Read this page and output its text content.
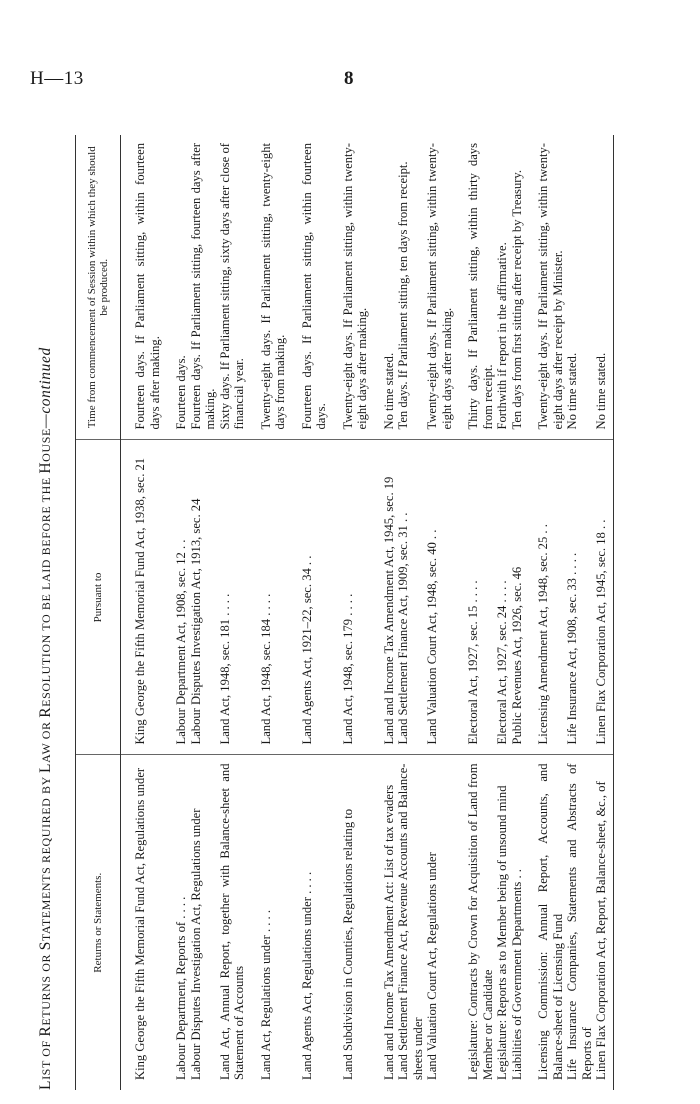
H—13	8
LIST OF RETURNS OR STATEMENTS REQUIRED BY LAW OR RESOLUTION TO BE LAID BEFORE THE HOUSE—continued
Returns or Statements.	Pursuant to	Time from commencement of Session within which they should be produced.
King George the Fifth Memorial Fund Act, Regulations under	King George the Fifth Memorial Fund Act, 1938, sec. 21	Fourteen days. If Parliament sitting, within fourteen days after making.
Labour Department, Reports of . . . .	Labour Department Act, 1908, sec. 12 . .	Fourteen days.
Labour Disputes Investigation Act, Regulations under	Labour Disputes Investigation Act, 1913, sec. 24	Fourteen days. If Parliament sitting, fourteen days after making.
Land Act, Annual Report, together with Balance-sheet and Statement of Accounts	Land Act, 1948, sec. 181 . . . .	Sixty days. If Parliament sitting, sixty days after close of financial year.
Land Act, Regulations under . . . .	Land Act, 1948, sec. 184 . . . .	Twenty-eight days. If Parliament sitting, twenty-eight days from making.
Land Agents Act, Regulations under . . . .	Land Agents Act, 1921–22, sec. 34 . .	Fourteen days. If Parliament sitting, within fourteen days.
Land Subdivision in Counties, Regulations relating to	Land Act, 1948, sec. 179 . . . .	Twenty-eight days. If Parliament sitting, within twenty-eight days after making.
Land and Income Tax Amendment Act: List of tax evaders	Land and Income Tax Amendment Act, 1945, sec. 19	No time stated.
Land Settlement Finance Act, Revenue Accounts and Balance-sheets under	Land Settlement Finance Act, 1909, sec. 31 . .	Ten days. If Parliament sitting, ten days from receipt.
Land Valuation Court Act, Regulations under	Land Valuation Court Act, 1948, sec. 40 . .	Twenty-eight days. If Parliament sitting, within twenty-eight days after making.
Legislature: Contracts by Crown for Acquisition of Land from Member or Candidate	Electoral Act, 1927, sec. 15 . . . .	Thirty days. If Parliament sitting, within thirty days from receipt.
Legislature: Reports as to Member being of unsound mind	Electoral Act, 1927, sec. 24 . . . .	Forthwith if report in the affirmative.
Liabilities of Government Departments . .	Public Revenues Act, 1926, sec. 46	Ten days from first sitting after receipt by Treasury.
Licensing Commission: Annual Report, Accounts, and Balance-sheet of Licensing Fund	Licensing Amendment Act, 1948, sec. 25 . .	Twenty-eight days. If Parliament sitting, within twenty-eight days after receipt by Minister.
Life Insurance Companies, Statements and Abstracts of Reports of	Life Insurance Act, 1908, sec. 33 . . . .	No time stated.
Linen Flax Corporation Act, Report, Balance-sheet, &c., of	Linen Flax Corporation Act, 1945, sec. 18 . .	No time stated.
